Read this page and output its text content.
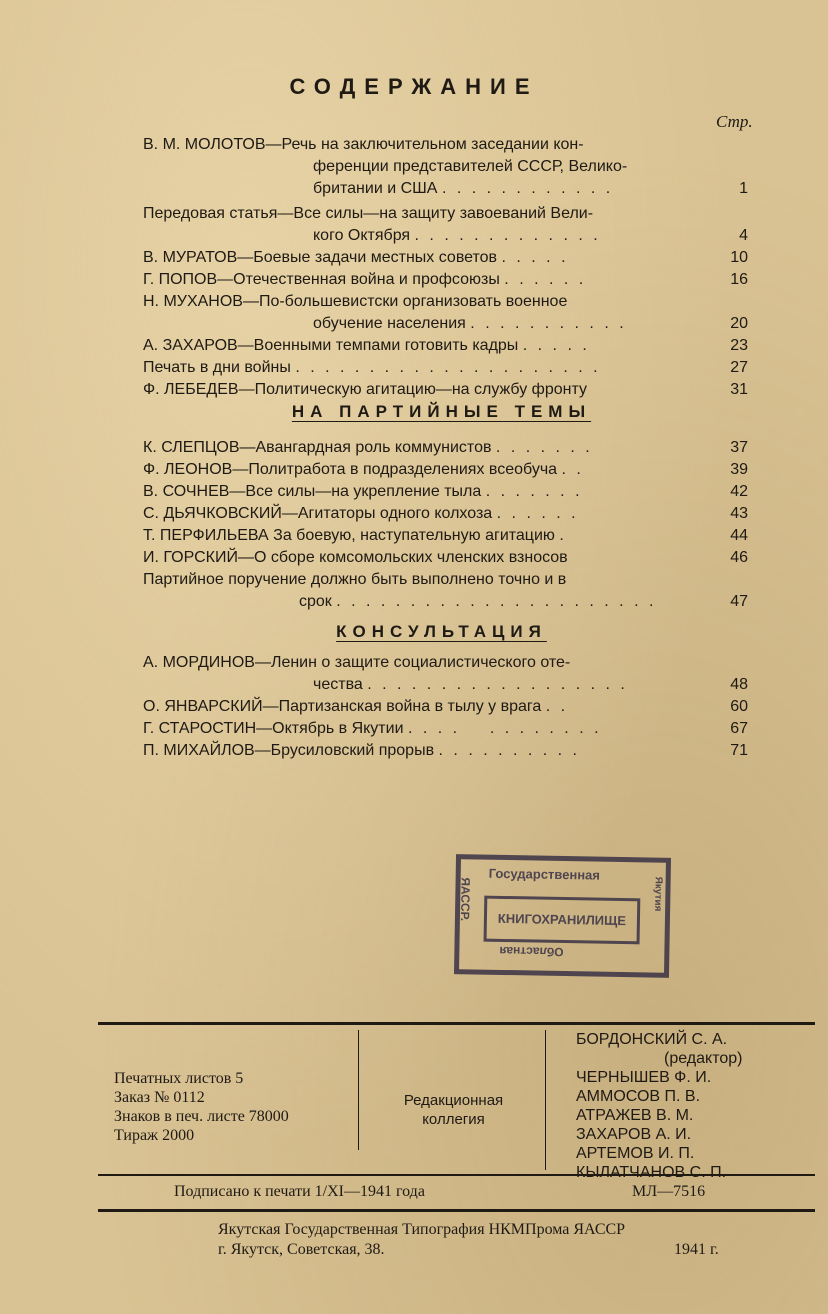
СОДЕРЖАНИЕ
Стр.
В. М. МОЛОТОВ—Речь на заключительном заседании кон-
ференции представителей СССР, Велико-
британии и США . . . . . . . . . . . .	1
Передовая статья—Все силы—на защиту завоеваний Вели-
кого Октября . . . . . . . . . . . . .	4
В. МУРАТОВ—Боевые задачи местных советов . . . . .	10
Г. ПОПОВ—Отечественная война и профсоюзы . . . . . .	16
Н. МУХАНОВ—По-большевистски организовать военное
обучение населения . . . . . . . . . . .	20
А. ЗАХАРОВ—Военными темпами готовить кадры . . . . .	23
Печать в дни войны . . . . . . . . . . . . . . . . . . . . .	27
Ф. ЛЕБЕДЕВ—Политическую агитацию—на службу фронту	31
НА ПАРТИЙНЫЕ ТЕМЫ
К. СЛЕПЦОВ—Авангардная роль коммунистов . . . . . . .	37
Ф. ЛЕОНОВ—Политработа в подразделениях всеобуча . .	39
В. СОЧНЕВ—Все силы—на укрепление тыла . . . . . . .	42
С. ДЬЯЧКОВСКИЙ—Агитаторы одного колхоза . . . . . .	43
Т. ПЕРФИЛЬЕВА За боевую, наступательную агитацию .	44
И. ГОРСКИЙ—О сборе комсомольских членских взносов	46
Партийное поручение должно быть выполнено точно и в
срок . . . . . . . . . . . . . . . . . . . . . .	47
КОНСУЛЬТАЦИЯ
А. МОРДИНОВ—Ленин о защите социалистического оте-
чества . . . . . . . . . . . . . . . . . .	48
О. ЯНВАРСКИЙ—Партизанская война в тылу у врага . .	60
Г. СТАРОСТИН—Октябрь в Якутии . . . .    . . . . . . . .	67
П. МИХАЙЛОВ—Брусиловский прорыв . . . . . . . . . .	71
Государственная
КНИГОХРАНИЛИЩЕ
Областная
ЯАССР.	Якутия
Печатных листов 5
Заказ № 0112
Знаков в печ. листе 78000
Тираж 2000
Редакционная
коллегия
БОРДОНСКИЙ С. А.
(редактор)
ЧЕРНЫШЕВ Ф. И.
АММОСОВ П. В.
АТРАЖЕВ В. М.
ЗАХАРОВ А. И.
АРТЕМОВ И. П.
КЫЛАТЧАНОВ С. П.
Подписано к печати 1/XI—1941 года	МЛ—7516
Якутская Государственная Типография НКМПрома ЯАССР
г. Якутск, Советская, 38.	1941 г.
